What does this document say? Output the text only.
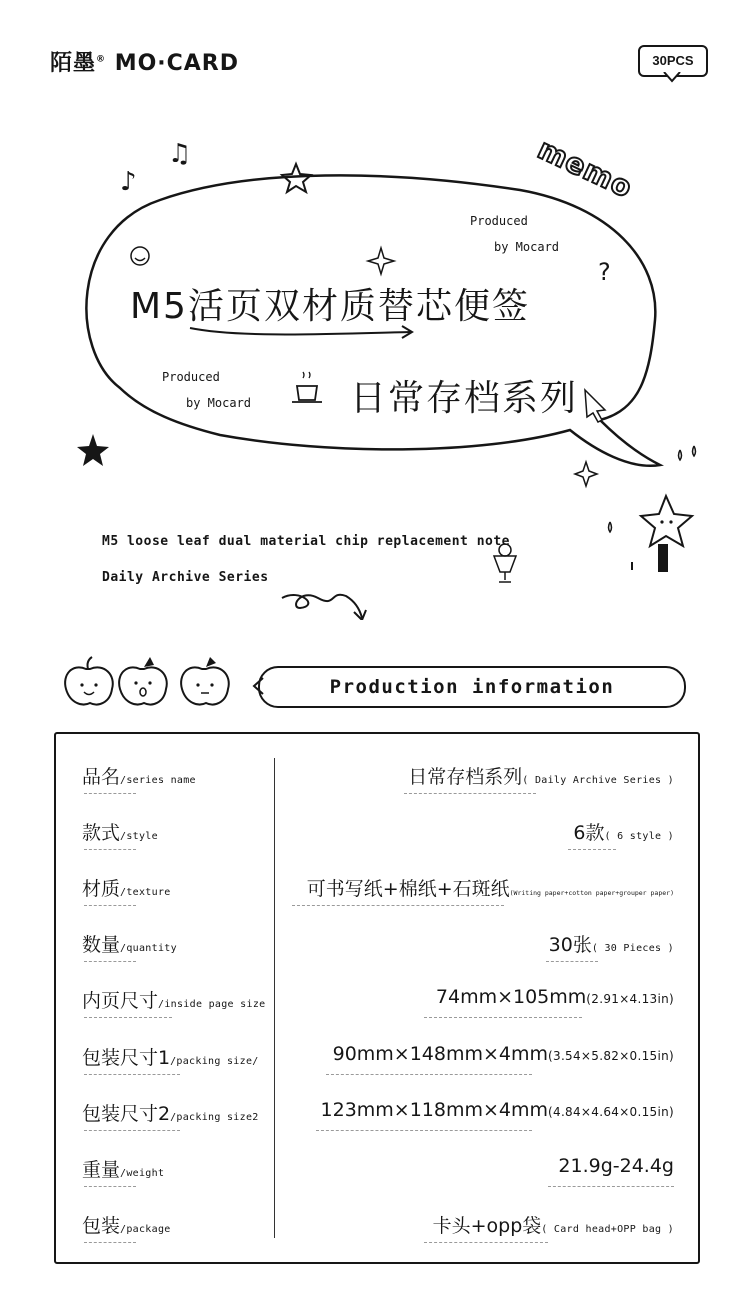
陌墨® MO·CARD	30PCS
♪
♫
?
memo
Produced
by Mocard
Produced
by Mocard
M5活页双材质替芯便签
日常存档系列
M5 loose leaf dual material chip replacement note
Daily Archive Series
Production information
品名/series name	日常存档系列( Daily Archive Series )
款式/style	6款( 6 style )
材质/texture	可书写纸+棉纸+石斑纸(Writing paper+cotton paper+grouper paper)
数量/quantity	30张( 30 Pieces )
内页尺寸/inside page size	74mm×105mm(2.91×4.13in)
包装尺寸1/packing size/	90mm×148mm×4mm(3.54×5.82×0.15in)
包装尺寸2/packing size2	123mm×118mm×4mm(4.84×4.64×0.15in)
重量/weight	21.9g-24.4g
包装/package	卡头+opp袋( Card head+OPP bag )
